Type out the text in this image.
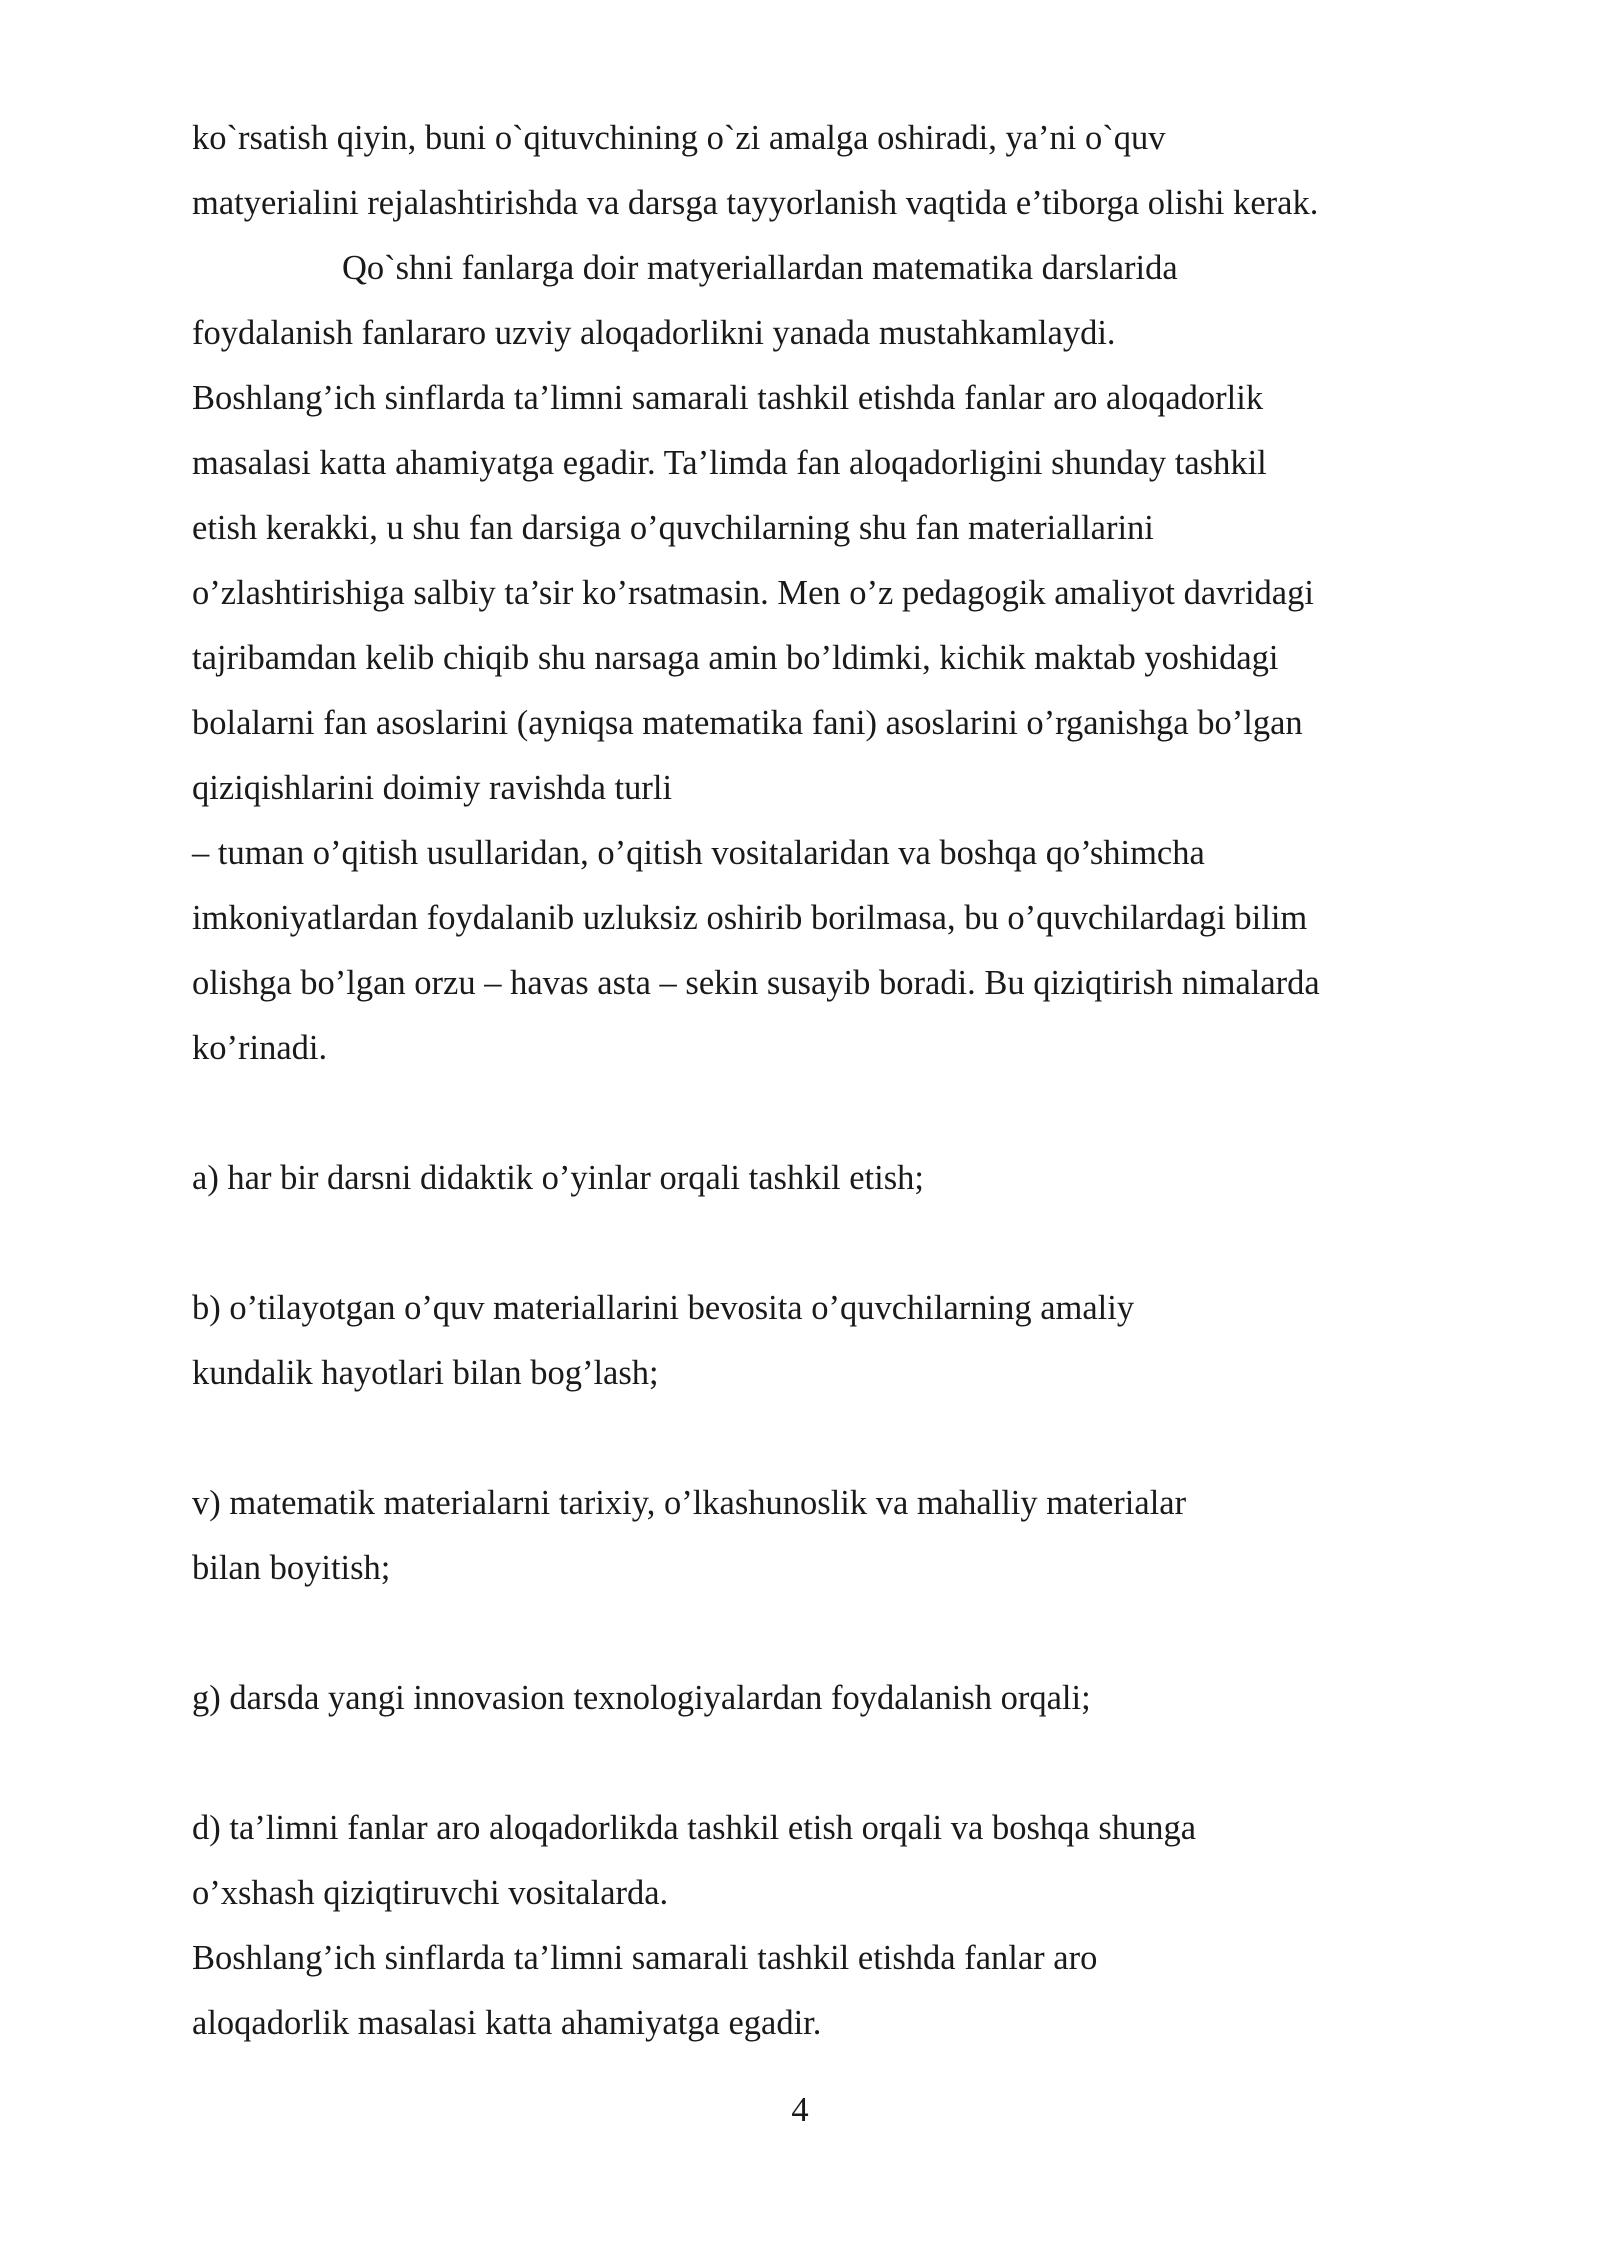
ko`rsatish qiyin, buni o`qituvchining o`zi amalga oshiradi, ya’ni o`quv

matyerialini rejalashtirishda va darsga tayyorlanish vaqtida e’tiborga olishi kerak.

Qo`shni fanlarga doir matyeriallardan matematika darslarida

foydalanish fanlararo uzviy aloqadorlikni yanada mustahkamlaydi.

Boshlang’ich sinflarda ta’limni samarali tashkil etishda fanlar aro aloqadorlik

masalasi katta ahamiyatga egadir. Ta’limda fan aloqadorligini shunday tashkil

etish kerakki, u shu fan darsiga o’quvchilarning shu fan materiallarini

o’zlashtirishiga salbiy ta’sir ko’rsatmasin. Men o’z pedagogik amaliyot davridagi

tajribamdan kelib chiqib shu narsaga amin bo’ldimki, kichik maktab yoshidagi

bolalarni fan asoslarini (ayniqsa matematika fani) asoslarini o’rganishga bo’lgan

qiziqishlarini doimiy ravishda turli

– tuman o’qitish usullaridan, o’qitish vositalaridan va boshqa qo’shimcha

imkoniyatlardan foydalanib uzluksiz oshirib borilmasa, bu o’quvchilardagi bilim

olishga bo’lgan orzu – havas asta – sekin susayib boradi. Bu qiziqtirish nimalarda

ko’rinadi.

a) har bir darsni didaktik o’yinlar orqali tashkil etish;

b) o’tilayotgan o’quv materiallarini bevosita o’quvchilarning amaliy

kundalik hayotlari bilan bog’lash;

v) matematik materialarni tarixiy, o’lkashunoslik va mahalliy materialar

bilan boyitish;

g) darsda yangi innovasion texnologiyalardan foydalanish orqali;

d) ta’limni fanlar aro aloqadorlikda tashkil etish orqali va boshqa shunga

o’xshash qiziqtiruvchi vositalarda.

Boshlang’ich sinflarda ta’limni samarali tashkil etishda fanlar aro

aloqadorlik masalasi katta ahamiyatga egadir.

4
